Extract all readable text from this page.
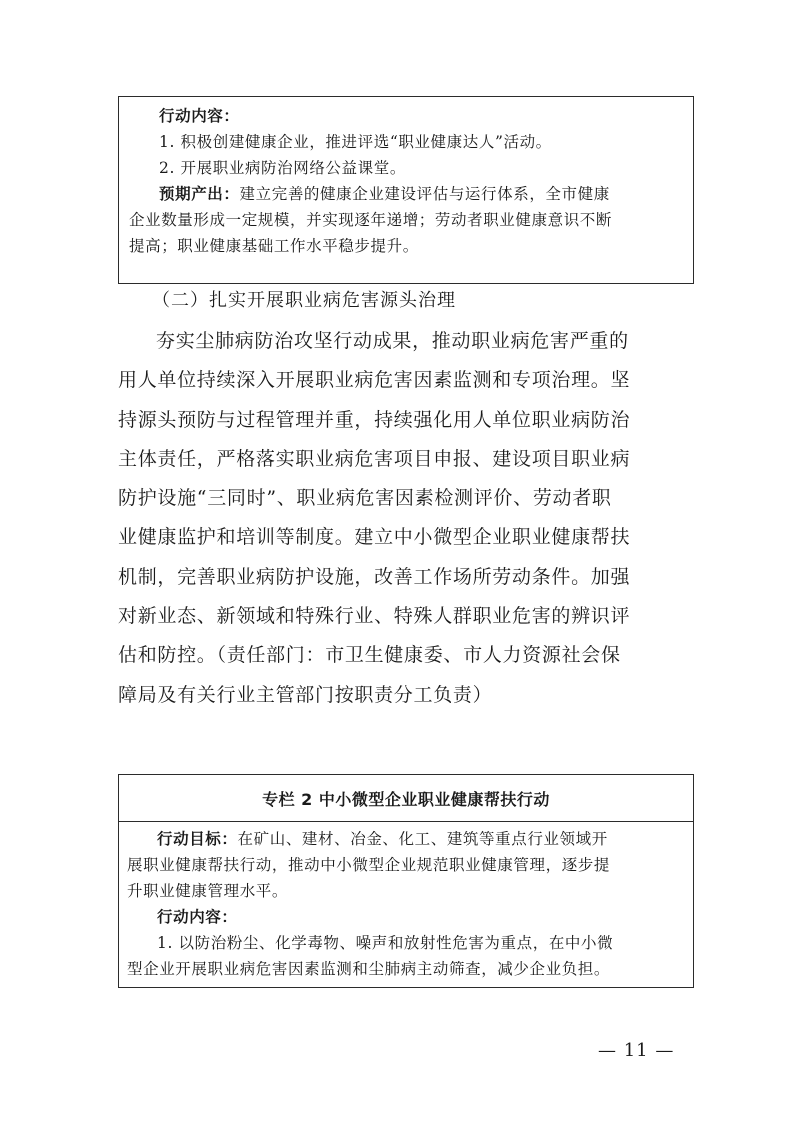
行动内容：
1. 积极创建健康企业，推进评选“职业健康达人”活动。
2. 开展职业病防治网络公益课堂。
预期产出：建立完善的健康企业建设评估与运行体系，全市健康
企业数量形成一定规模，并实现逐年递增；劳动者职业健康意识不断
提高；职业健康基础工作水平稳步提升。
（二）扎实开展职业病危害源头治理
夯实尘肺病防治攻坚行动成果，推动职业病危害严重的
用人单位持续深入开展职业病危害因素监测和专项治理。坚
持源头预防与过程管理并重，持续强化用人单位职业病防治
主体责任，严格落实职业病危害项目申报、建设项目职业病
防护设施“三同时”、职业病危害因素检测评价、劳动者职
业健康监护和培训等制度。建立中小微型企业职业健康帮扶
机制，完善职业病防护设施，改善工作场所劳动条件。加强
对新业态、新领域和特殊行业、特殊人群职业危害的辨识评
估和防控。（责任部门：市卫生健康委、市人力资源社会保
障局及有关行业主管部门按职责分工负责）
专栏 2 中小微型企业职业健康帮扶行动
行动目标：在矿山、建材、冶金、化工、建筑等重点行业领域开
展职业健康帮扶行动，推动中小微型企业规范职业健康管理，逐步提
升职业健康管理水平。
行动内容：
1. 以防治粉尘、化学毒物、噪声和放射性危害为重点，在中小微
型企业开展职业病危害因素监测和尘肺病主动筛查，减少企业负担。
— 11 —
